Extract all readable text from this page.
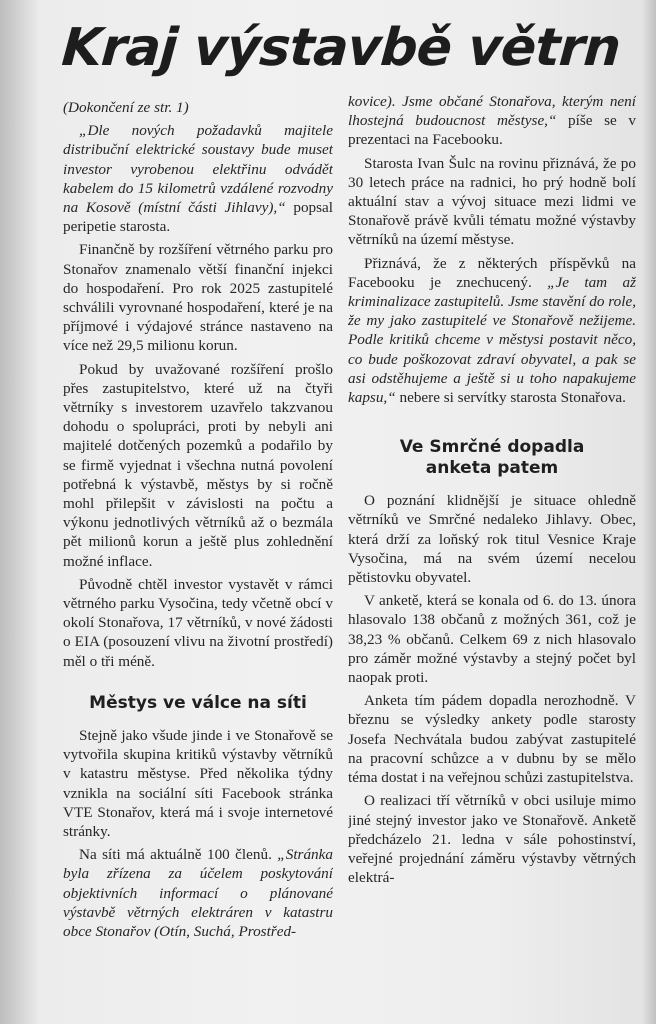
Kraj výstavbě větrn

(Dokončení ze str. 1)

„Dle nových požadavků majitele distribuční elektrické soustavy bude muset investor vyrobenou elektřinu odvádět kabelem do 15 kilometrů vzdálené rozvodny na Kosově (místní části Jihlavy),“ popsal peripetie starosta.

Finančně by rozšíření větrného parku pro Stonařov znamenalo větší finanční injekci do hospodaření. Pro rok 2025 zastupitelé schválili vyrovnané hospodaření, které je na příjmové i výdajové stránce nastaveno na více než 29,5 milionu korun.

Pokud by uvažované rozšíření prošlo přes zastupitelstvo, které už na čtyři větrníky s investorem uzavřelo takzvanou dohodu o spolupráci, proti by nebyli ani majitelé dotčených pozemků a podařilo by se firmě vyjednat i všechna nutná povolení potřebná k výstavbě, městys by si ročně mohl přilepšit v závislosti na počtu a výkonu jednotlivých větrníků až o bezmála pět milionů korun a ještě plus zohlednění možné inflace.

Původně chtěl investor vystavět v rámci větrného parku Vysočina, tedy včetně obcí v okolí Stonařova, 17 větrníků, v nové žádosti o EIA (posouzení vlivu na životní prostředí) měl o tři méně.

Městys ve válce na síti

Stejně jako všude jinde i ve Stonařově se vytvořila skupina kritiků výstavby větrníků v katastru městyse. Před několika týdny vznikla na sociální síti Facebook stránka VTE Stonařov, která má i svoje internetové stránky.

Na síti má aktuálně 100 členů. „Stránka byla zřízena za účelem poskytování objektivních informací o plánované výstavbě větrných elektráren v katastru obce Stonařov (Otín, Suchá, Prostřed-

kovice). Jsme občané Stonařova, kterým není lhostejná budoucnost městyse,“ píše se v prezentaci na Facebooku.

Starosta Ivan Šulc na rovinu přiznává, že po 30 letech práce na radnici, ho prý hodně bolí aktuální stav a vývoj situace mezi lidmi ve Stonařově právě kvůli tématu možné výstavby větrníků na území městyse.

Přiznává, že z některých příspěvků na Facebooku je znechucený. „Je tam až kriminalizace zastupitelů. Jsme stavění do role, že my jako zastupitelé ve Stonařově nežijeme. Podle kritiků chceme v městysi postavit něco, co bude poškozovat zdraví obyvatel, a pak se asi odstěhujeme a ještě si u toho napakujeme kapsu,“ nebere si servítky starosta Stonařova.

Ve Smrčné dopadla
anketa patem

O poznání klidnější je situace ohledně větrníků ve Smrčné nedaleko Jihlavy. Obec, která drží za loňský rok titul Vesnice Kraje Vysočina, má na svém území necelou pětistovku obyvatel.

V anketě, která se konala od 6. do 13. února hlasovalo 138 občanů z možných 361, což je 38,23 % občanů. Celkem 69 z nich hlasovalo pro záměr možné výstavby a stejný počet byl naopak proti.

Anketa tím pádem dopadla nerozhodně. V březnu se výsledky ankety podle starosty Josefa Nechvátala budou zabývat zastupitelé na pracovní schůzce a v dubnu by se mělo téma dostat i na veřejnou schůzi zastupitelstva.

O realizaci tří větrníků v obci usiluje mimo jiné stejný investor jako ve Stonařově. Anketě předcházelo 21. ledna v sále pohostinství, veřejné projednání záměru výstavby větrných elektrá-
